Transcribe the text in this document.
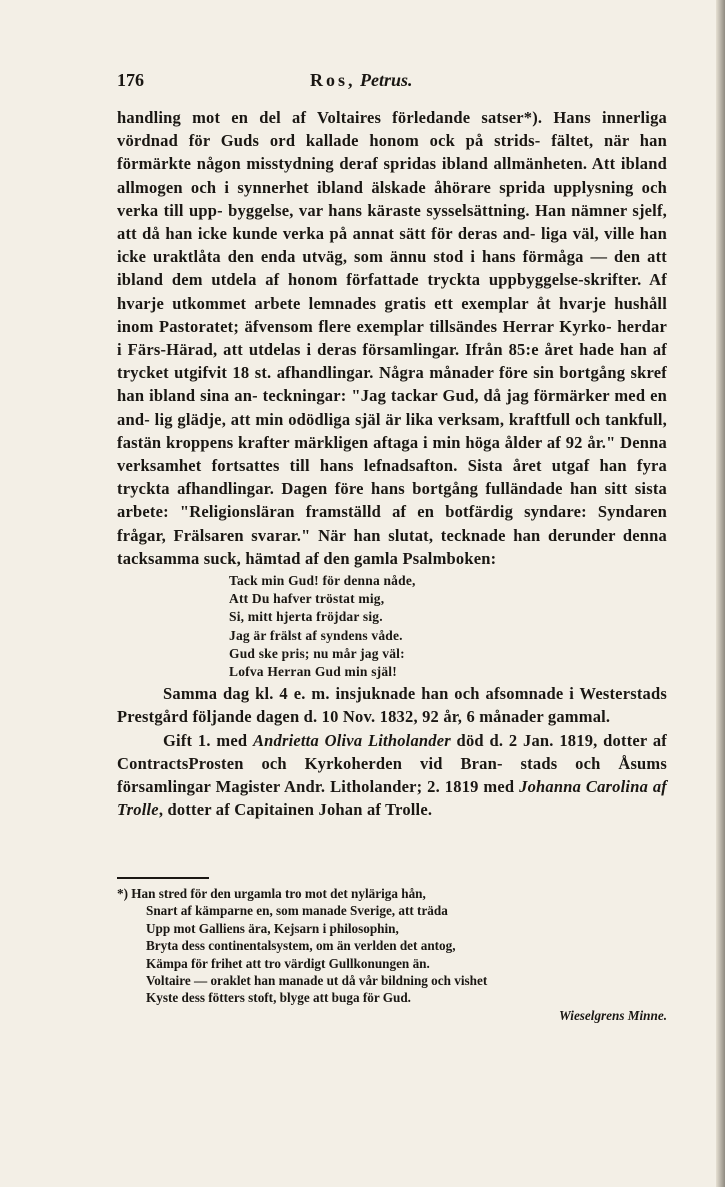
176	Ros, Petrus.

handling mot en del af Voltaires förledande satser*). Hans innerliga vördnad för Guds ord kallade honom ock på strids- fältet, när han förmärkte någon misstydning deraf spridas ibland allmänheten. Att ibland allmogen och i synnerhet ibland älskade åhörare sprida upplysning och verka till upp- byggelse, var hans käraste sysselsättning. Han nämner sjelf, att då han icke kunde verka på annat sätt för deras and- liga väl, ville han icke uraktlåta den enda utväg, som ännu stod i hans förmåga — den att ibland dem utdela af honom författade tryckta uppbyggelse-skrifter. Af hvarje utkommet arbete lemnades gratis ett exemplar åt hvarje hushåll inom Pastoratet; äfvensom flere exemplar tillsändes Herrar Kyrko- herdar i Färs-Härad, att utdelas i deras församlingar. Ifrån 85:e året hade han af trycket utgifvit 18 st. afhandlingar. Några månader före sin bortgång skref han ibland sina an- teckningar: "Jag tackar Gud, då jag förmärker med en and- lig glädje, att min odödliga själ är lika verksam, kraftfull och tankfull, fastän kroppens krafter märkligen aftaga i min höga ålder af 92 år." Denna verksamhet fortsattes till hans lefnadsafton. Sista året utgaf han fyra tryckta afhandlingar. Dagen före hans bortgång fulländade han sitt sista arbete: "Religionsläran framställd af en botfärdig syndare: Syndaren frågar, Frälsaren svarar." När han slutat, tecknade han derunder denna tacksamma suck, hämtad af den gamla Psalmboken:

Tack min Gud! för denna nåde,
Att Du hafver tröstat mig,
Si, mitt hjerta fröjdar sig.
Jag är frälst af syndens våde.
Gud ske pris; nu mår jag väl:
Lofva Herran Gud min själ!

Samma dag kl. 4 e. m. insjuknade han och afsomnade i Westerstads Prestgård följande dagen d. 10 Nov. 1832, 92 år, 6 månader gammal.

Gift 1. med Andrietta Oliva Litholander död d. 2 Jan. 1819, dotter af ContractsProsten och Kyrkoherden vid Bran- stads och Åsums församlingar Magister Andr. Litholander; 2. 1819 med Johanna Carolina af Trolle, dotter af Capitainen Johan af Trolle.

*) Han stred för den urgamla tro mot det nyläriga hån,
Snart af kämparne en, som manade Sverige, att träda
Upp mot Galliens ära, Kejsarn i philosophin,
Bryta dess continentalsystem, om än verlden det antog,
Kämpa för frihet att tro värdigt Gullkonungen än.
Voltaire — oraklet han manade ut då vår bildning och vishet
Kyste dess fötters stoft, blyge att buga för Gud.
Wieselgrens Minne.
